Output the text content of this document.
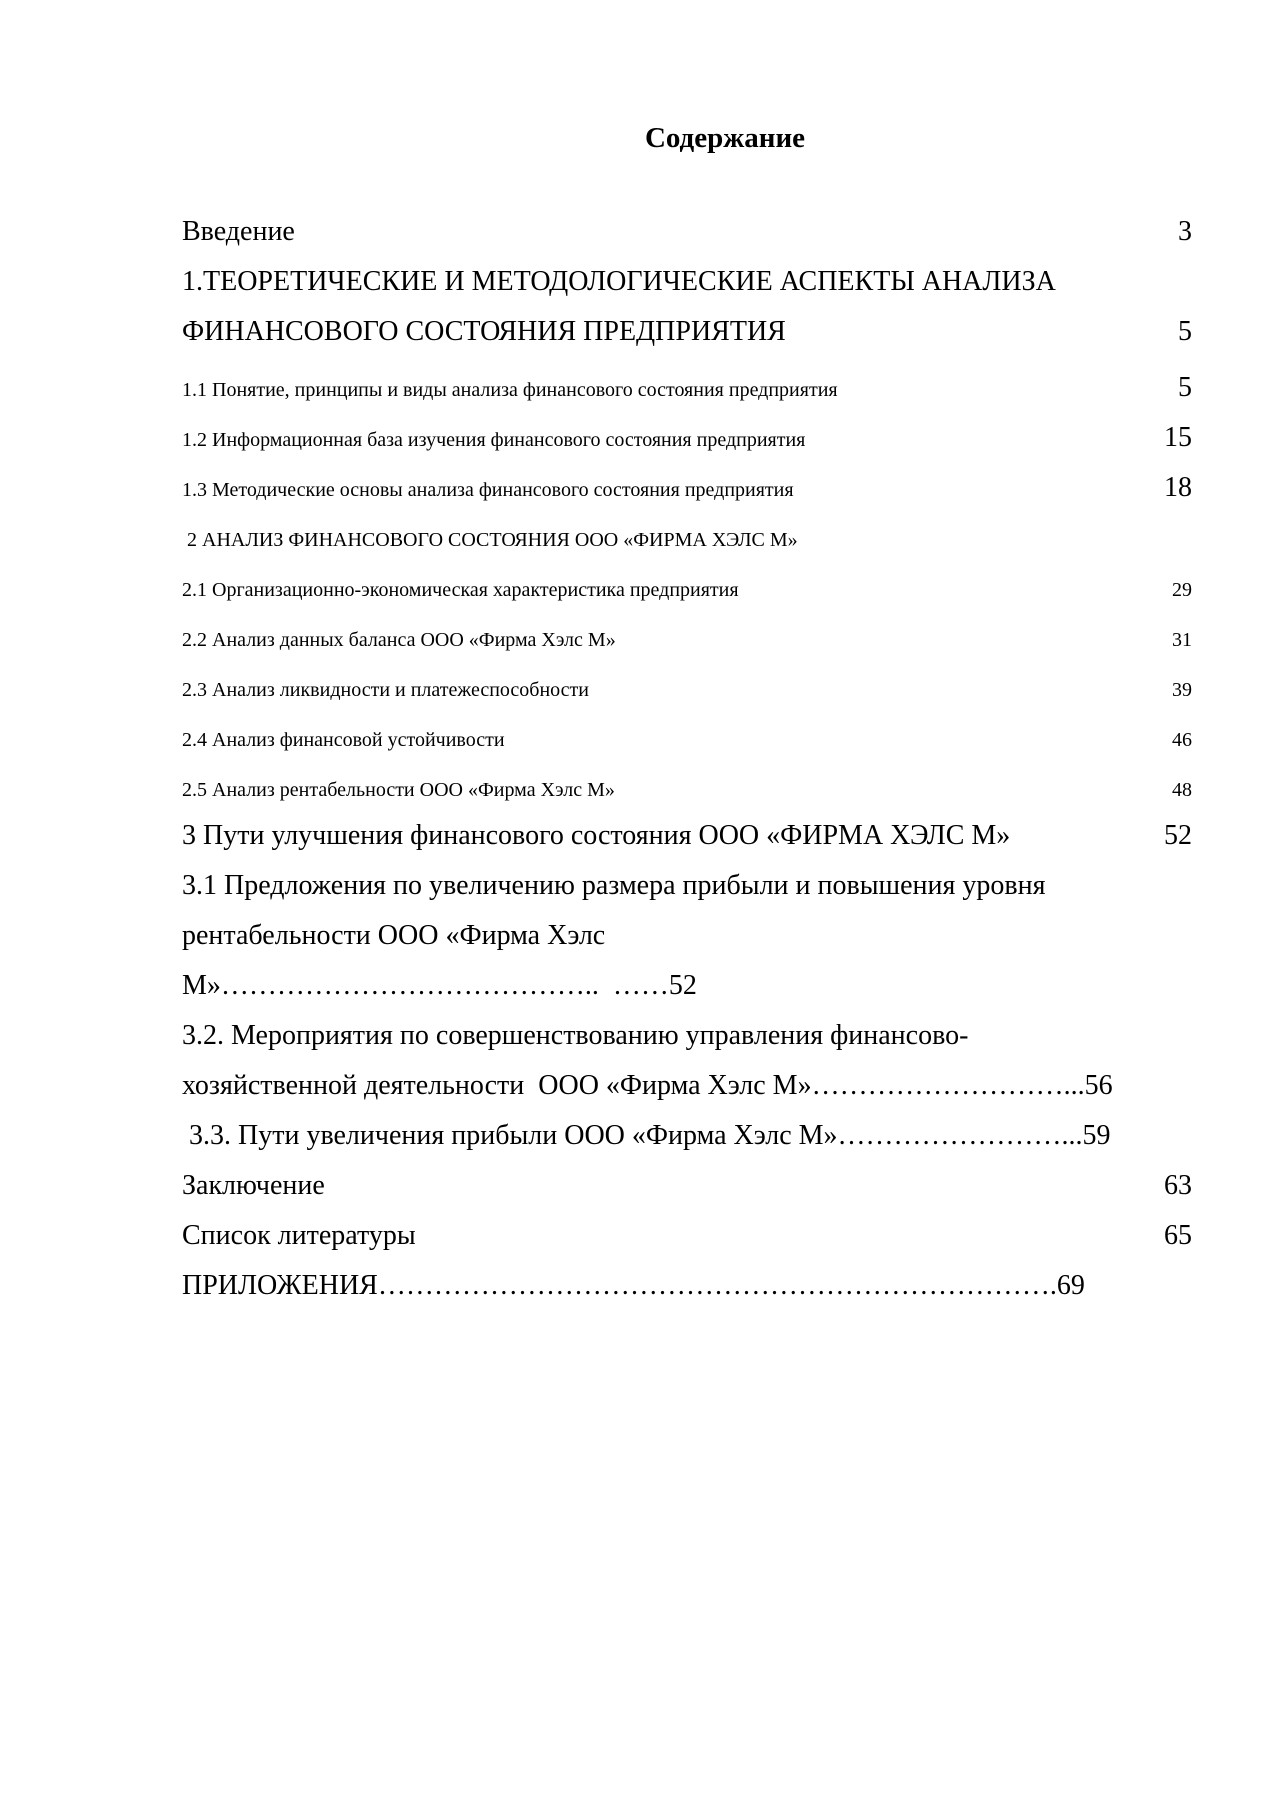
Содержание
Введение	3
1.ТЕОРЕТИЧЕСКИЕ И МЕТОДОЛОГИЧЕСКИЕ АСПЕКТЫ АНАЛИЗА
ФИНАНСОВОГО СОСТОЯНИЯ ПРЕДПРИЯТИЯ	5
1.1 Понятие, принципы и виды анализа финансового состояния предприятия	5
1.2 Информационная база изучения финансового состояния предприятия	15
1.3 Методические основы анализа финансового состояния предприятия	18
2 АНАЛИЗ ФИНАНСОВОГО СОСТОЯНИЯ ООО «ФИРМА ХЭЛС М»
2.1 Организационно-экономическая характеристика предприятия	29
2.2 Анализ данных баланса ООО «Фирма Хэлс М»	31
2.3 Анализ ликвидности и платежеспособности	39
2.4 Анализ финансовой устойчивости	46
2.5 Анализ рентабельности ООО «Фирма Хэлс М»	48
3 Пути улучшения финансового состояния ООО «ФИРМА ХЭЛС М»	52
3.1 Предложения по увеличению размера прибыли и повышения уровня
рентабельности ООО «Фирма Хэлс
М»…………………………………..  ……52
3.2. Мероприятия по совершенствованию управления финансово-
хозяйственной деятельности  ООО «Фирма Хэлс М»………………………...56
3.3. Пути увеличения прибыли ООО «Фирма Хэлс М»……………………...59
Заключение	63
Список литературы	65
ПРИЛОЖЕНИЯ……………………………………………………………….69
